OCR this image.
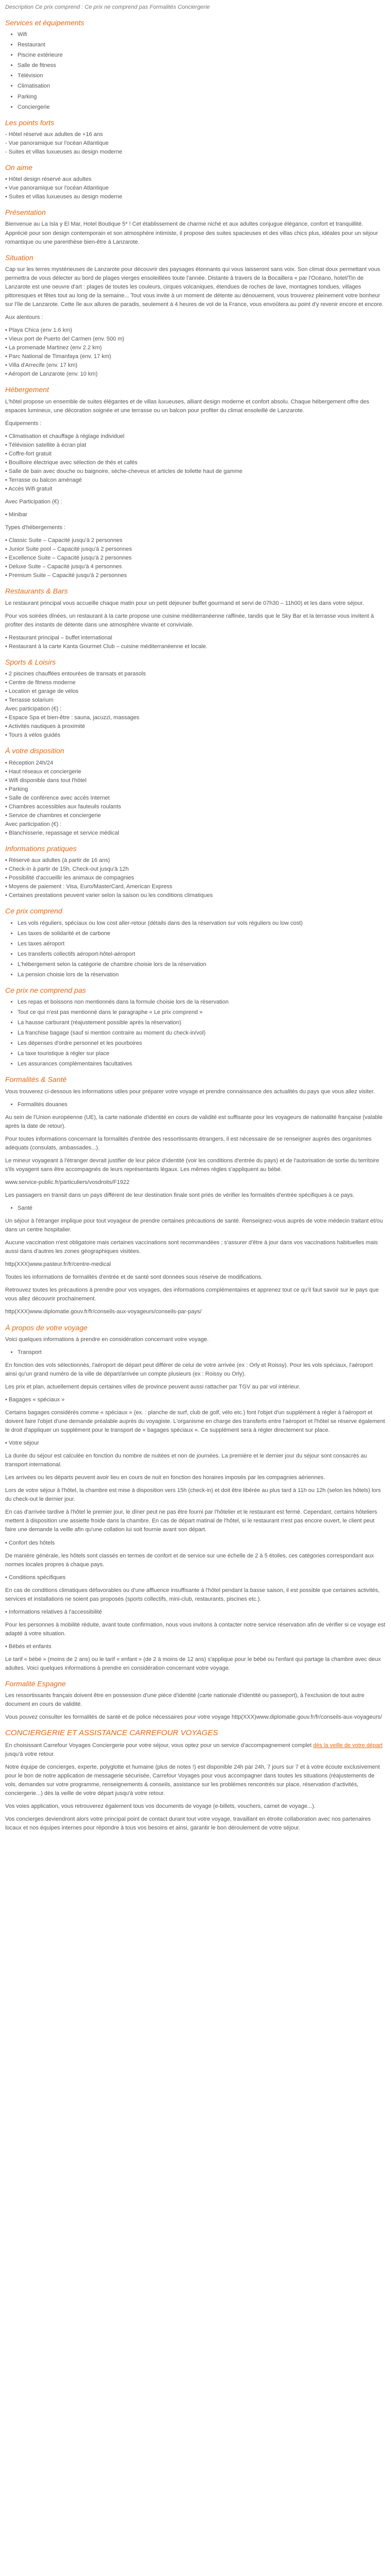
Description Ce prix comprend : Ce prix ne comprend pas Formalités Conciergerie

Services et équipements
• Wifi
• Restaurant
• Piscine extérieure
• Salle de fitness
• Télévision
• Climatisation
• Parking
• Conciergerie
Les points forts
- Hôtel réservé aux adultes de +16 ans
- Vue panoramique sur l'océan Atlantique
- Suites et villas luxueuses au design moderne
On aime
• Hôtel design réservé aux adultes
• Vue panoramique sur l'océan Atlantique
• Suites et villas luxueuses au design moderne
Présentation

Bienvenue au La Isla y El Mar, Hotel Boutique 5* ! Cet établissement de charme niché et aux adultes conjugue élégance, confort et tranquillité. Apprécié pour son design contemporain et son atmosphère intimiste, il propose des suites spacieuses et des villas chics plus, idéales pour un séjour romantique ou une parenthèse bien-être à Lanzarote.

Situation

Cap sur les terres mystérieuses de Lanzarote pour découvrir des paysages étonnants qui vous laisseront sans voix. Son climat doux permettant vous permettra de vous délecter au bord de plages vierges ensoleillées toute l'année. Distante à travers de la Bocaillera « par l'Océano, hotel/Tin de Lanzarote est une oeuvre d'art : plages de toutes les couleurs, cirques volcaniques, étendues de roches de lave, montagnes tondues, villages pittoresques et fêtes tout au long de la semaine... Tout vous invite à un moment de détente au dénouement, vous trouverez pleinement votre bonheur sur l'île de Lanzarote. Cette île aux allures de paradis, seulement à 4 heures de vol de la France, vous envoûtera au point d'y revenir encore et encore.

Aux alentours :

• Playa Chica (env 1.6 km)
• Vieux port de Puerto del Carmen (env. 500 m)
• La promenade Martinez (env 2.2 km)
• Parc National de Timanfaya (env. 17 km)
• Villa d'Arrecife (env. 17 km)
• Aéroport de Lanzarote (env. 10 km)
Hébergement

L'hôtel propose un ensemble de suites élégantes et de villas luxueuses, alliant design moderne et confort absolu. Chaque hébergement offre des espaces lumineux, une décoration soignée et une terrasse ou un balcon pour profiter du climat ensoleillé de Lanzarote.

Équipements :

• Climatisation et chauffage à réglage individuel
• Télévision satellite à écran plat
• Coffre-fort gratuit
• Bouilloire électrique avec sélection de thés et cafés
• Salle de bain avec douche ou baignoire, sèche-cheveux et articles de toilette haut de gamme
• Terrasse ou balcon aménagé
• Accès Wifi gratuit

Avec Participation (€) :

• Minibar

Types d'hébergements :

• Classic Suite – Capacité jusqu'à 2 personnes
• Junior Suite pool – Capacité jusqu'à 2 personnes
• Excellence Suite – Capacité jusqu'à 2 personnes
• Deluxe Suite – Capacité jusqu'à 4 personnes
• Premium Suite – Capacité jusqu'à 2 personnes
Restaurants & Bars

Le restaurant principal vous accueille chaque matin pour un petit déjeuner buffet gourmand et servi de 07h30 – 11h00) et les dans votre séjour.

Pour vos soirées dînées, un restaurant à la carte propose une cuisine méditerranéenne raffinée, tandis que le Sky Bar et la terrasse vous invitent à profiter des instants de détente dans une atmosphère vivante et conviviale.

• Restaurant principal – buffet international
• Restaurant à la carte Kanta Gourmet Club – cuisine méditerranéenne et locale.
Sports & Loisirs
• 2 piscines chauffées entourées de transats et parasols
• Centre de fitness moderne
• Location et garage de vélos
• Terrasse solarium
Avec participation (€) :
• Espace Spa et bien-être : sauna, jacuzzi, massages
• Activités nautiques à proximité
• Tours à vélos guidés
À votre disposition
• Réception 24h/24
• Haut réseaux et conciergerie
• Wifi disponible dans tout l'hôtel
• Parking
• Salle de conférence avec accès Internet
• Chambres accessibles aux fauteuils roulants
• Service de chambres et conciergerie
Avec participation (€) :
• Blanchisserie, repassage et service médical
Informations pratiques
• Réservé aux adultes (à partir de 16 ans)
• Check-in à partir de 15h, Check-out jusqu'à 12h
• Possibilité d'accueillir les animaux de compagnies
• Moyens de paiement : Visa, Euro/MasterCard, American Express
• Certaines prestations peuvent varier selon la saison ou les conditions climatiques
Ce prix comprend
• Les vols réguliers, spéciaux ou low cost aller-retour (détails dans des la réservation sur vols réguliers ou low cost)
• Les taxes de solidarité et de carbone
• Les taxes aéroport
• Les transferts collectifs aéroport-hôtel-aéroport
• L'hébergement selon la catégorie de chambre choisie lors de la réservation
• La pension choisie lors de la réservation
Ce prix ne comprend pas
• Les repas et boissons non mentionnés dans la formule choisie lors de la réservation
• Tout ce qui n'est pas mentionné dans le paragraphe « Le prix comprend »
• La hausse carburant (réajustement possible après la réservation)
• La franchise bagage (sauf si mention contraire au moment du check-in/vol)
• Les dépenses d'ordre personnel et les pourboires
• La taxe touristique à régler sur place
• Les assurances complémentaires facultatives
Formalités & Santé

Vous trouverez ci-dessous les informations utiles pour préparer votre voyage et prendre connaissance des actualités du pays que vous allez visiter.

• Formalités douanes

Au sein de l'Union européenne (UE), la carte nationale d'identité en cours de validité est suffisante pour les voyageurs de nationalité française (valable après la date de retour).

Pour toutes informations concernant la formalités d'entrée des ressortissants étrangers, il est nécessaire de se renseigner auprès des organismes adéquats (consulats, ambassades...).

Le mineur voyageant à l'étranger devrait justifier de leur pièce d'identité (voir les conditions d'entrée du pays) et de l'autorisation de sortie du territoire s'ils voyagent sans être accompagnés de leurs représentants légaux. Les mêmes règles s'appliquent au bébé.

www.service-public.fr/particuliers/vosdroits/F1922

Les passagers en transit dans un pays différent de leur destination finale sont priés de vérifier les formalités d'entrée spécifiques à ce pays.

• Santé

Un séjour à l'étranger implique pour tout voyageur de prendre certaines précautions de santé. Renseignez-vous auprès de votre médecin traitant et/ou dans un centre hospitalier.

Aucune vaccination n'est obligatoire mais certaines vaccinations sont recommandées ; s'assurer d'être à jour dans vos vaccinations habituelles mais aussi dans d'autres les zones géographiques visitées.

http(XXX)www.pasteur.fr/fr/centre-medical

Toutes les informations de formalités d'entrée et de santé sont données sous réserve de modifications.

Retrouvez toutes les précautions à prendre pour vos voyages, des informations complémentaires et apprenez tout ce qu'il faut savoir sur le pays que vous allez découvrir prochainement.

http(XXX)www.diplomatie.gouv.fr/fr/conseils-aux-voyageurs/conseils-par-pays/

À propos de votre voyage

Voici quelques informations à prendre en considération concernant votre voyage.

• Transport

En fonction des vols sélectionnés, l'aéroport de départ peut différer de celui de votre arrivée (ex : Orly et Roissy). Pour les vols spéciaux, l'aéroport ainsi qu'un grand numéro de la ville de départ/arrivée un compte plusieurs (ex : Roissy ou Orly).

Les prix et plan, actuellement depuis certaines villes de province peuvent aussi rattacher par TGV au par vol intérieur.

• Bagages « spéciaux »

Certains bagages considérés comme « spéciaux » (ex. : planche de surf, club de golf, vélo etc.) font l'objet d'un supplément à régler à l'aéroport et doivent faire l'objet d'une demande préalable auprès du voyagiste. L'organisme en charge des transferts entre l'aéroport et l'hôtel se réserve également le droit d'appliquer un supplément pour le transport de « bagages spéciaux ». Ce supplément sera à régler directement sur place.

• Votre séjour

La durée du séjour est calculée en fonction du nombre de nuitées et non de journées. La première et le dernier jour du séjour sont consacrés au transport international.

Les arrivées ou les départs peuvent avoir lieu en cours de nuit en fonction des horaires imposés par les compagnies aériennes.

Lors de votre séjour à l'hôtel, la chambre est mise à disposition vers 15h (check-in) et doit être libérée au plus tard à 11h ou 12h (selon les hôtels) lors du check-out le dernier jour.

En cas d'arrivée tardive à l'hôtel le premier jour, le dîner peut ne pas être fourni par l'hôtelier et le restaurant est fermé. Cependant, certains hôteliers mettent à disposition une assiette froide dans la chambre. En cas de départ matinal de l'hôtel, si le restaurant n'est pas encore ouvert, le client peut faire une demande la veille afin qu'une collation lui soit fournie avant son départ.

• Confort des hôtels

De manière générale, les hôtels sont classés en termes de confort et de service sur une échelle de 2 à 5 étoiles, ces catégories correspondant aux normes locales propres à chaque pays.

• Conditions spécifiques

En cas de conditions climatiques défavorables ou d'une affluence insuffisante à l'hôtel pendant la basse saison, il est possible que certaines activités, services et installations ne soient pas proposés (sports collectifs, mini-club, restaurants, piscines etc.).

• Informations relatives à l'accessibilité

Pour les personnes à mobilité réduite, avant toute confirmation, nous vous invitons à contacter notre service réservation afin de vérifier si ce voyage est adapté à votre situation.

• Bébés et enfants

Le tarif « bébé » (moins de 2 ans) ou le tarif « enfant » (de 2 à moins de 12 ans) s'applique pour le bébé ou l'enfant qui partage la chambre avec deux adultes. Voici quelques informations à prendre en considération concernant votre voyage.

Formalité Espagne

Les ressortissants français doivent être en possession d'une pièce d'identité (carte nationale d'identité ou passeport), à l'exclusion de tout autre document en cours de validité.

Vous pouvez consulter les formalités de santé et de police nécessaires pour votre voyage http(XXX)www.diplomatie.gouv.fr/fr/conseils-aux-voyageurs/

CONCIERGERIE ET ASSISTANCE CARREFOUR VOYAGES

En choisissant Carrefour Voyages Conciergerie pour votre séjour, vous optez pour un service d'accompagnement complet dès la veille de votre départ jusqu'à votre retour.

Notre équipe de concierges, experte, polyglotte et humaine (plus de notes !) est disponible 24h par 24h, 7 jours sur 7 et à votre écoute exclusivement pour le bon de notre application de messagerie sécurisée, Carrefour Voyages pour vous accompagner dans toutes les situations (réajustements de vols, demandes sur votre programme, renseignements & conseils, assistance sur les problèmes rencontrés sur place, réservation d'activités, conciergerie...) dès la veille de votre départ jusqu'à votre retour.

Vos voies application, vous retrouverez également tous vos documents de voyage (e-billets, vouchers, carnet de voyage...).

Vos concierges deviendront alors votre principal point de contact durant tout votre voyage, travaillant en étroite collaboration avec nos partenaires locaux et nos équipes internes pour répondre à tous vos besoins et ainsi, garantir le bon déroulement de votre séjour.
